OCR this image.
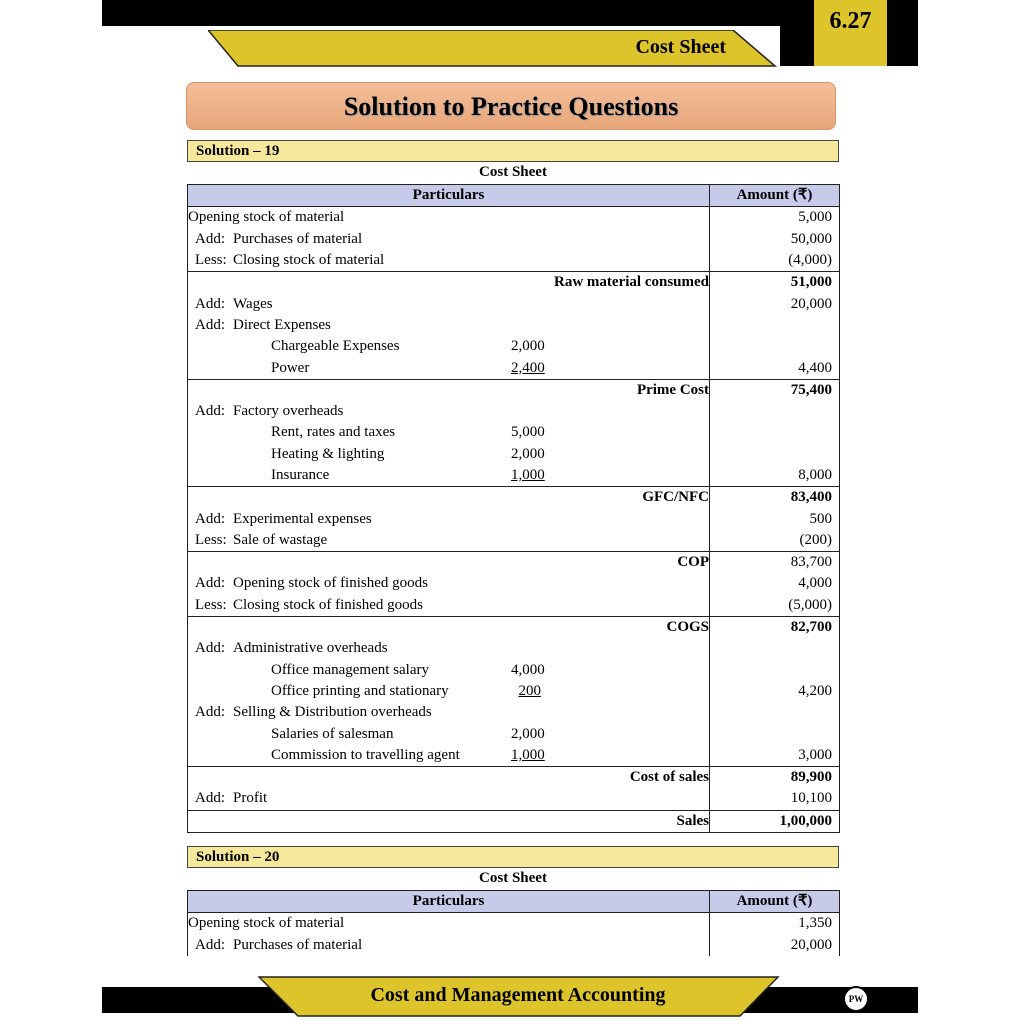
Cost Sheet
6.27
Solution to Practice Questions
Solution – 19
Cost Sheet
Particulars	Amount (₹)
Opening stock of material	5,000
Add: Purchases of material	50,000
Less: Closing stock of material	(4,000)
Raw material consumed	51,000
Add: Wages	20,000
Add: Direct Expenses	
Chargeable Expenses 2,000	
Power 2,400	4,400
Prime Cost	75,400
Add: Factory overheads	
Rent, rates and taxes 5,000	
Heating & lighting 2,000	
Insurance 1,000	8,000
GFC/NFC	83,400
Add: Experimental expenses	500
Less: Sale of wastage	(200)
COP	83,700
Add: Opening stock of finished goods	4,000
Less: Closing stock of finished goods	(5,000)
COGS	82,700
Add: Administrative overheads	
Office management salary 4,000	
Office printing and stationary 200	4,200
Add: Selling & Distribution overheads	
Salaries of salesman 2,000	
Commission to travelling agent 1,000	3,000
Cost of sales	89,900
Add: Profit	10,100
Sales	1,00,000
Solution – 20
Cost Sheet
Particulars	Amount (₹)
Opening stock of material	1,350
Add: Purchases of material	20,000
Cost and Management Accounting	PW
